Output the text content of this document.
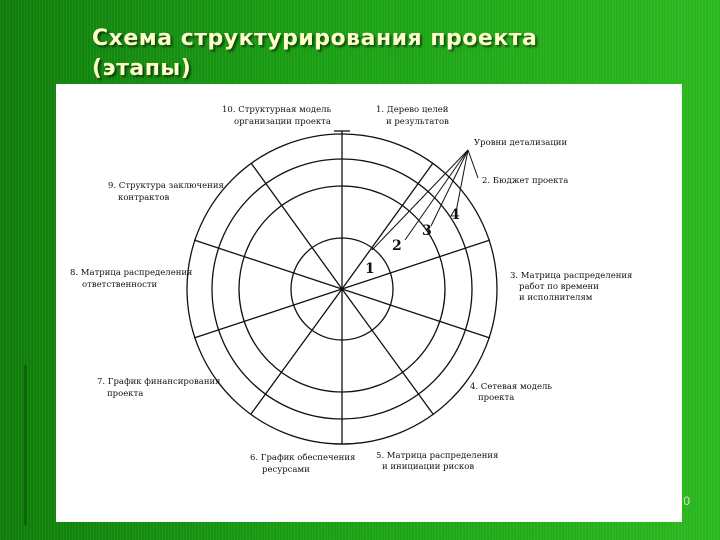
Схема структурирования проекта
(этапы)
10. Структурная модель
организации проекта
1. Дерево целей
и результатов
Уровни детализации
2. Бюджет проекта
3. Матрица распределения
работ по времени
и исполнителям
4. Сетевая модель
проекта
5. Матрица распределения
и инициации рисков
6. График обеспечения
ресурсами
7. График финансирования
проекта
8. Матрица распределения
ответственности
9. Структура заключения
контрактов
1
2
3
4
0
